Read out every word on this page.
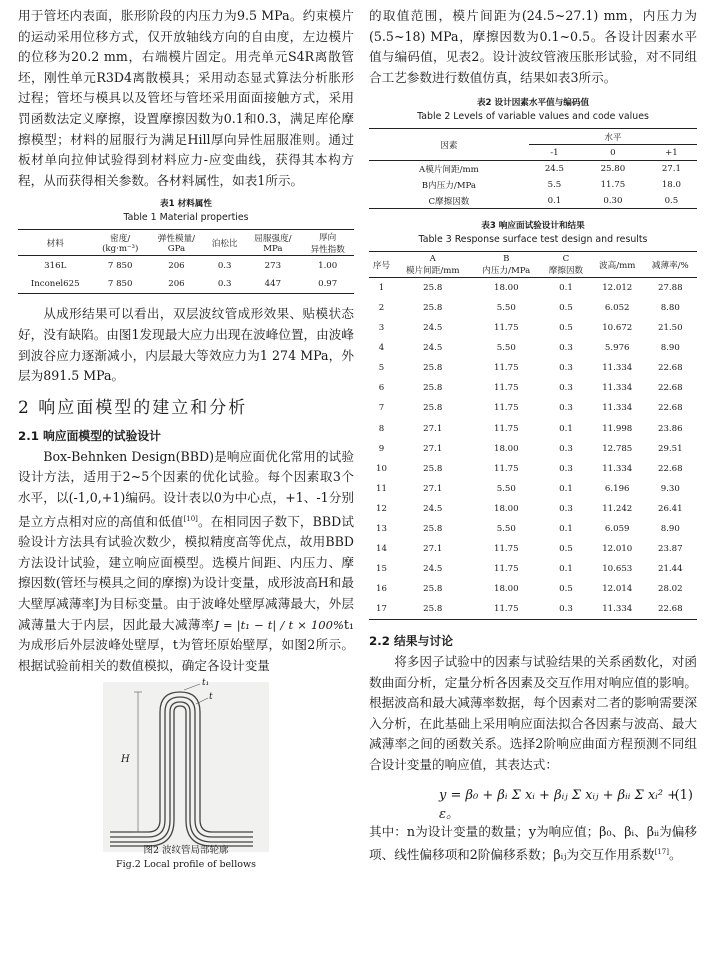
用于管坯内表面，胀形阶段的内压力为9.5 MPa。约束模片的运动采用位移方式，仅开放轴线方向的自由度，左边模片的位移为20.2 mm，右端模片固定。用壳单元S4R离散管坯，刚性单元R3D4离散模具；采用动态显式算法分析胀形过程；管坯与模具以及管坯与管坯采用面面接触方式，采用罚函数法定义摩擦，设置摩擦因数为0.1和0.3，满足库伦摩擦模型；材料的屈服行为满足Hill厚向异性屈服准则。通过板材单向拉伸试验得到材料应力-应变曲线，获得其本构方程，从而获得相关参数。各材料属性，如表1所示。

表1 材料属性

Table 1 Material properties

材料	密度/
(kg·m⁻³)	弹性模量/
GPa	泊松比	屈服强度/
MPa	厚向
异性指数
316L	7 850	206	0.3	273	1.00
Inconel625	7 850	206	0.3	447	0.97

从成形结果可以看出，双层波纹管成形效果、贴模状态好，没有缺陷。由图1发现最大应力出现在波峰位置，由波峰到波谷应力逐渐减小，内层最大等效应力为1 274 MPa，外层为891.5 MPa。

2 响应面模型的建立和分析

2.1 响应面模型的试验设计

Box-Behnken Design(BBD)是响应面优化常用的试验设计方法，适用于2~5个因素的优化试验。每个因素取3个水平，以(-1,0,+1)编码。设计表以0为中心点，+1、-1分别是立方点相对应的高值和低值[10]。在相同因子数下，BBD试验设计方法具有试验次数少，模拟精度高等优点，故用BBD方法设计试验，建立响应面模型。选模片间距、内压力、摩擦因数(管坯与模具之间的摩擦)为设计变量，成形波高H和最大壁厚减薄率J为目标变量。由于波峰处壁厚减薄最大，外层减薄量大于内层，因此最大减薄率J = |t₁ − t| / t × 100%t₁为成形后外层波峰处壁厚，t为管坯原始壁厚，如图2所示。根据试验前相关的数值模拟，确定各设计变量

H
t₁
t

图2 波纹管局部轮廓

Fig.2 Local profile of bellows

的取值范围，模片间距为(24.5~27.1) mm，内压力为(5.5~18) MPa，摩擦因数为0.1~0.5。各设计因素水平值与编码值，见表2。设计波纹管液压胀形试验，对不同组合工艺参数进行数值仿真，结果如表3所示。

表2 设计因素水平值与编码值

Table 2 Levels of variable values and code values

因素	水平		
	-1	0	+1
A模片间距/mm	24.5	25.80	27.1
B内压力/MPa	5.5	11.75	18.0
C摩擦因数	0.1	0.30	0.5

表3 响应面试验设计和结果

Table 3 Response surface test design and results

序号	A
模片间距/mm	B
内压力/MPa	C
摩擦因数	波高/mm	减薄率/%
1	25.8	18.00	0.1	12.012	27.88
2	25.8	5.50	0.5	6.052	8.80
3	24.5	11.75	0.5	10.672	21.50
4	24.5	5.50	0.3	5.976	8.90
5	25.8	11.75	0.3	11.334	22.68
6	25.8	11.75	0.3	11.334	22.68
7	25.8	11.75	0.3	11.334	22.68
8	27.1	11.75	0.1	11.998	23.86
9	27.1	18.00	0.3	12.785	29.51
10	25.8	11.75	0.3	11.334	22.68
11	27.1	5.50	0.1	6.196	9.30
12	24.5	18.00	0.3	11.242	26.41
13	25.8	5.50	0.1	6.059	8.90
14	27.1	11.75	0.5	12.010	23.87
15	24.5	11.75	0.1	10.653	21.44
16	25.8	18.00	0.5	12.014	28.02
17	25.8	11.75	0.3	11.334	22.68

2.2 结果与讨论

将多因子试验中的因素与试验结果的关系函数化，对函数曲面分析，定量分析各因素及交互作用对响应值的影响。根据波高和最大减薄率数据，每个因素对二者的影响需要深入分析，在此基础上采用响应面法拟合各因素与波高、最大减薄率之间的函数关系。选择2阶响应曲面方程预测不同组合设计变量的响应值，其表达式：

y = β₀ + βᵢ Σ xᵢ + βᵢⱼ Σ xᵢⱼ + βᵢᵢ Σ xᵢ² + ε。
(1)

其中：n为设计变量的数量；y为响应值；β₀、βᵢ、βᵢᵢ为偏移项、线性偏移项和2阶偏移系数；βᵢⱼ为交互作用系数[17]。
